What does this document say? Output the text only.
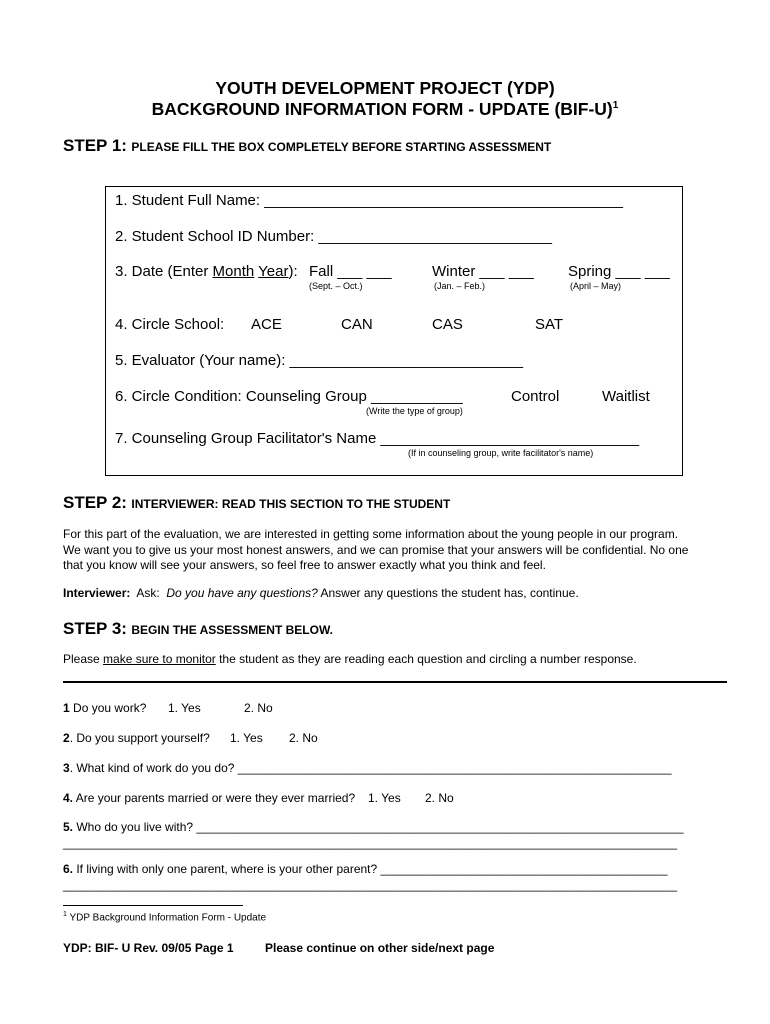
YOUTH DEVELOPMENT PROJECT (YDP)
BACKGROUND INFORMATION FORM - UPDATE $(BIF-U)^1$
STEP 1: PLEASE FILL THE BOX COMPLETELY BEFORE STARTING ASSESSMENT
1. Student Full Name: ___________________________________________
2. Student School ID Number: ____________________________
3. Date (Enter Month Year): Fall ___ ___
(Sept. – Oct.)
Winter ___ ___
(Jan. – Feb.)
Spring ___ ___
(April – May)
4. Circle School: ACE	CAN	CAS	SAT
5. Evaluator (Your name): ____________________________
6. Circle Condition: Counseling Group ___________
(Write the type of group)
Control	Waitlist
7. Counseling Group Facilitator's Name _______________________________
(If in counseling group, write facilitator's name)
STEP 2: INTERVIEWER: READ THIS SECTION TO THE STUDENT
For this part of the evaluation, we are interested in getting some information about the young people in our program.
We want you to give us your most honest answers, and we can promise that your answers will be confidential. No one
that you know will see your answers, so feel free to answer exactly what you think and feel.
Interviewer:  Ask:  Do you have any questions? Answer any questions the student has, continue.
STEP 3: BEGIN THE ASSESSMENT BELOW.
Please make sure to monitor the student as they are reading each question and circling a number response.
1 Do you work? 1. Yes	2. No
2. Do you support yourself? 1. Yes 2. No
3. What kind of work do you do? _________________________________________________________________
4. Are your parents married or were they ever married? 1. Yes 2. No
5. Who do you live with? _________________________________________________________________________
____________________________________________________________________________________________
6. If living with only one parent, where is your other parent? ___________________________________________
____________________________________________________________________________________________
$^1$ YDP Background Information Form - Update
YDP: BIF- U Rev. 09/05 Page 1	Please continue on other side/next page
